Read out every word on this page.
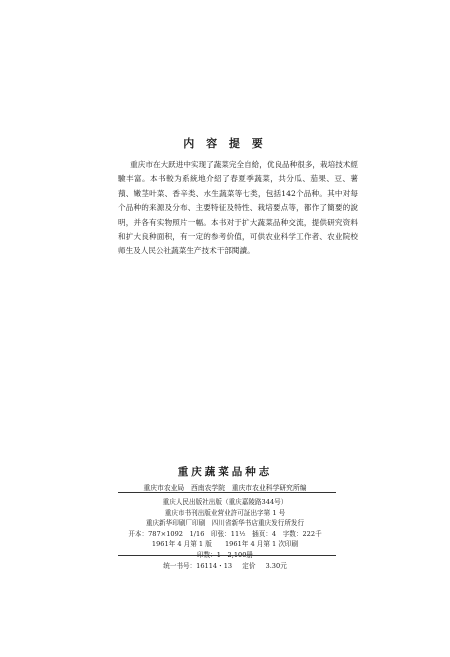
内 容 提 要

重庆市在大跃进中实现了蔬菜完全自給，优良品种很多，栽培技术經驗丰富。本书較为系統地介紹了春夏季蔬菜，共分瓜、茄果、豆、薯蕷、嫩茎叶菜、香辛类、水生蔬菜等七类，包括142个品种。其中对每个品种的来源及分布、主要特征及特性、栽培要点等，都作了簡要的說明，并各有实物照片一幅。本书对于扩大蔬菜品种交流，提供研究资料和扩大良种面积，有一定的参考价值，可供农业科学工作者、农业院校师生及人民公社蔬菜生产技术干部閱讀。

重庆蔬菜品种志
重庆市农业局　西南农学院　重庆市农业科学研究所编
重庆人民出版社出版（重庆嘉陵路344号）
重庆市书刊出版业营业許可証出字第 1 号
重庆新华印刷厂印刷　四川省新华书店重庆发行所发行
开本：787×1092　1/16　印张：11½　插页：4　字数：222千
1961年 4 月第 1 版　　1961年 4 月第 1 次印刷
印数：1—2,100册
统一书号：16114・13 定价 3.30元
